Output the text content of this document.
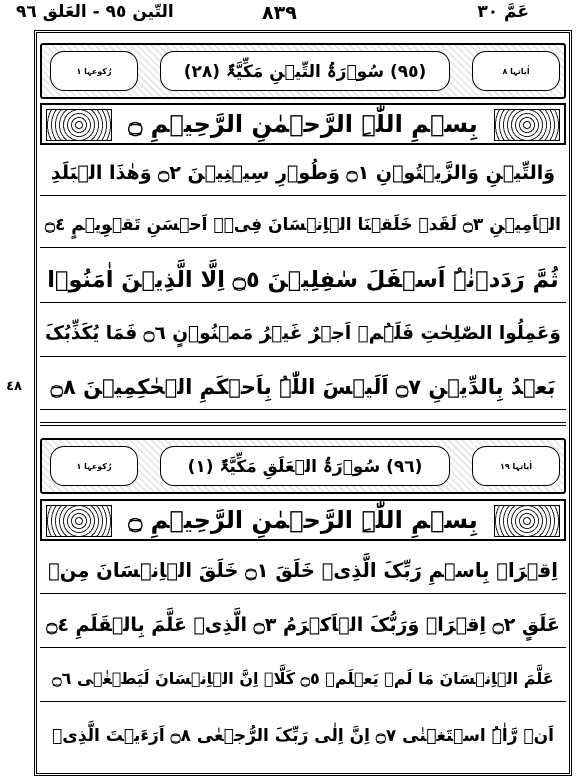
التّين ٩٥ - العَلق ٩٦	٨٣٩	عَمَّ ٣٠
٤٨
رُکوعہا ١	(٩٥) سُوۡرَۃُ التِّیۡنِ مَکِّیَّۃٌ (٢٨)	اٰیاتہا ٨
بِسۡمِ اللّٰہِ الرَّحۡمٰنِ الرَّحِیۡمِ ۝
وَالتِّیۡنِ وَالزَّیۡتُوۡنِ ۝١ وَطُوۡرِ سِیۡنِیۡنَ ۝٢ وَھٰذَا الۡبَلَدِ
الۡاَمِیۡنِ ۝٣ لَقَدۡ خَلَقۡنَا الۡاِنۡسَانَ فِیۡۤ اَحۡسَنِ تَقۡوِیۡمٍ ۝٤
ثُمَّ رَدَدۡنٰہُ اَسۡفَلَ سٰفِلِیۡنَ ۝٥ اِلَّا الَّذِیۡنَ اٰمَنُوۡا
وَعَمِلُوا الصّٰلِحٰتِ فَلَہُمۡ اَجۡرٌ غَیۡرُ مَمۡنُوۡنٍ ۝٦ فَمَا یُکَذِّبُکَ
بَعۡدُ بِالدِّیۡنِ ۝٧ اَلَیۡسَ اللّٰہُ بِاَحۡکَمِ الۡحٰکِمِیۡنَ ۝٨
رُکوعہا ١	(٩٦) سُوۡرَۃُ الۡعَلَقِ مَکِّیَّۃٌ (١)	اٰیاتہا ١٩
بِسۡمِ اللّٰہِ الرَّحۡمٰنِ الرَّحِیۡمِ ۝
اِقۡرَاۡ بِاسۡمِ رَبِّکَ الَّذِیۡ خَلَقَ ۝١ خَلَقَ الۡاِنۡسَانَ مِنۡ
عَلَقٍ ۝٢ اِقۡرَاۡ وَرَبُّکَ الۡاَکۡرَمُ ۝٣ الَّذِیۡ عَلَّمَ بِالۡقَلَمِ ۝٤
عَلَّمَ الۡاِنۡسَانَ مَا لَمۡ یَعۡلَمۡ ۝٥ کَلَّاۤ اِنَّ الۡاِنۡسَانَ لَیَطۡغٰۤی ۝٦
اَنۡ رَّاٰہُ اسۡتَغۡنٰی ۝٧ اِنَّ اِلٰی رَبِّکَ الرُّجۡعٰی ۝٨ اَرَءَیۡتَ الَّذِیۡ
